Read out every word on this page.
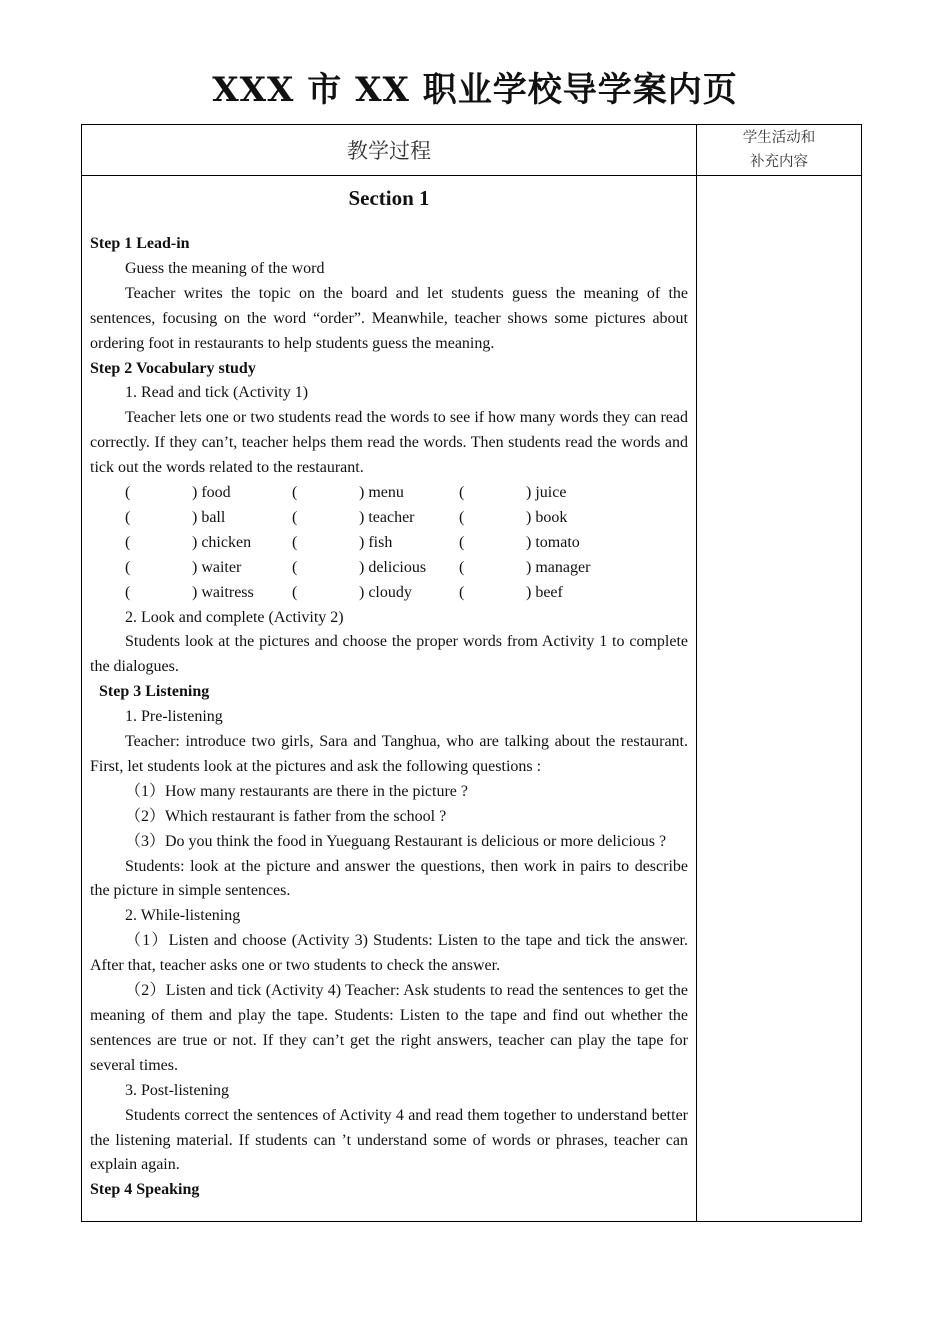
XXX 市 XX 职业学校导学案内页
教学过程
学生活动和
补充内容
Section 1
Step 1 Lead-in
Guess the meaning of the word
Teacher writes the topic on the board and let students guess the meaning of the sentences, focusing on the word “order”. Meanwhile, teacher shows some pictures about ordering foot in restaurants to help students guess the meaning.
Step 2 Vocabulary study
1. Read and tick (Activity 1)
Teacher lets one or two students read the words to see if how many words they can read correctly. If they can’t, teacher helps them read the words. Then students read the words and tick out the words related to the restaurant.
(	) food	(	) menu	(	) juice
(	) ball	(	) teacher	(	) book
(	) chicken	(	) fish	(	) tomato
(	) waiter	(	) delicious (	) manager
(	) waitress (	) cloudy	(	) beef
2. Look and complete (Activity 2)
Students look at the pictures and choose the proper words from Activity 1 to complete the dialogues.
Step 3 Listening
1. Pre-listening
Teacher: introduce two girls, Sara and Tanghua, who are talking about the restaurant. First, let students look at the pictures and ask the following questions :
（1）How many restaurants are there in the picture ?
（2）Which restaurant is father from the school ?
（3）Do you think the food in Yueguang Restaurant is delicious or more delicious ?
Students: look at the picture and answer the questions, then work in pairs to describe the picture in simple sentences.
2. While-listening
（1）Listen and choose (Activity 3) Students: Listen to the tape and tick the answer. After that, teacher asks one or two students to check the answer.
（2）Listen and tick (Activity 4) Teacher: Ask students to read the sentences to get the meaning of them and play the tape. Students: Listen to the tape and find out whether the sentences are true or not. If they can’t get the right answers, teacher can play the tape for several times.
3. Post-listening
Students correct the sentences of Activity 4 and read them together to understand better the listening material. If students can ’t understand some of words or phrases, teacher can explain again.
Step 4 Speaking
